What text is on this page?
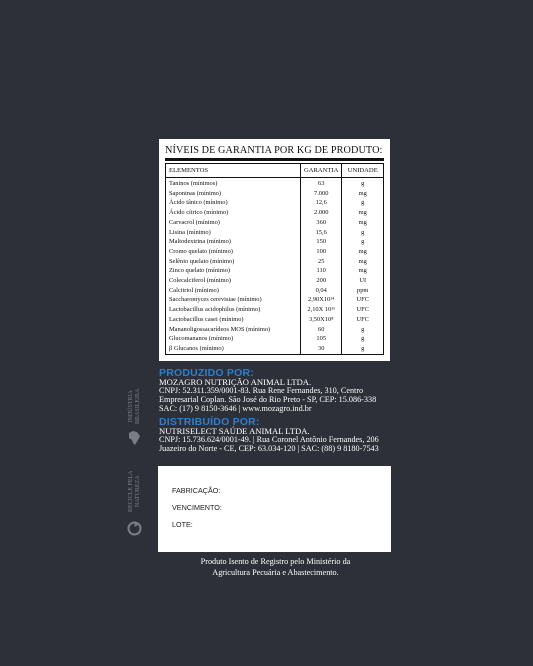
NÍVEIS DE GARANTIA POR KG DE PRODUTO:
ELEMENTOS	GARANTIA	UNIDADE
Taninos (mínimos)	63	g
Saponinas (mínimo)	7.000	mg
Ácido tânico (mínimo)	12,6	g
Ácido cítrico (mínimo)	2.000	mg
Carvacrol (mínimo)	360	mg
Lisina (mínimo)	15,6	g
Maltodextrina (mínimo)	150	g
Cromo quelato (mínimo)	100	mg
Selênio quelato (mínimo)	25	mg
Zinco quelato (mínimo)	110	mg
Colecalciferol (mínimo)	200	UI
Calcitriol (mínimo)	0,04	ppm
Saccharomyces cerevisiae (mínimo)	2,90X10¹⁴	UFC
Lactobacillus acidophilus (mínimo)	2,10X 10¹¹	UFC
Lactobacillus casei (mínimo)	3,50X10⁸	UFC
Mananoligossacarídeos MOS (mínimo)	60	g
Glucomananos (mínimo)	105	g
β Glucanos (mínimo)	30	g
INDÚSTRIA BRASILEIRA
RECICLE PELA NATUREZA
PRODUZIDO POR:
MOZAGRO NUTRIÇÃO ANIMAL LTDA.
CNPJ: 52.311.359/0001-83. Rua Rene Fernandes, 310, Centro Empresarial Coplan. São José do Rio Preto - SP, CEP: 15.086-338 SAC: (17) 9 8150-3646 | www.mozagro.ind.br
DISTRIBUÍDO POR:
NUTRISELECT SAÚDE ANIMAL LTDA.
CNPJ: 15.736.624/0001-49. | Rua Coronel Antônio Fernandes, 206 Juazeiro do Norte - CE, CEP: 63.034-120 | SAC: (88) 9 8180-7543
FABRICAÇÃO:
VENCIMENTO:
LOTE:
Produto Isento de Registro pelo Ministério da
Agricultura Pecuária e Abastecimento.
